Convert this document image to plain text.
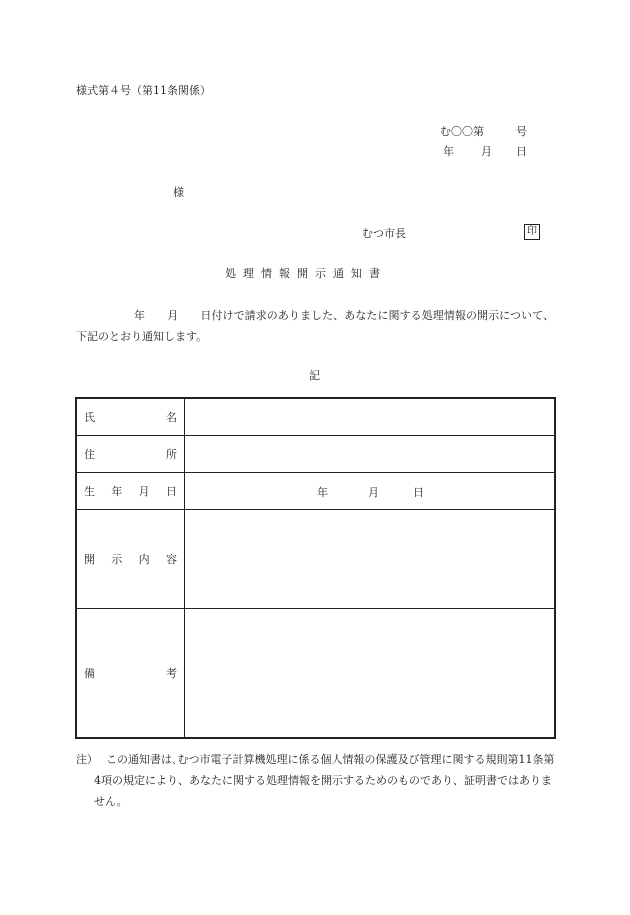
様式第４号（第11条関係）
む〇〇第	号
年 月 日
様
むつ市長	印
処理情報開示通知書
年　　月　　日付けで請求のありました、あなたに関する処理情報の開示について、下記のとおり通知します。
記
氏 名	

住 所	

生 年 月 日	年 月 日

開 示 内 容	

備 考	

注） この通知書は､むつ市電子計算機処理に係る個人情報の保護及び管理に関する規則第11条第4項の規定により、あなたに関する処理情報を開示するためのものであり、証明書ではありません。
